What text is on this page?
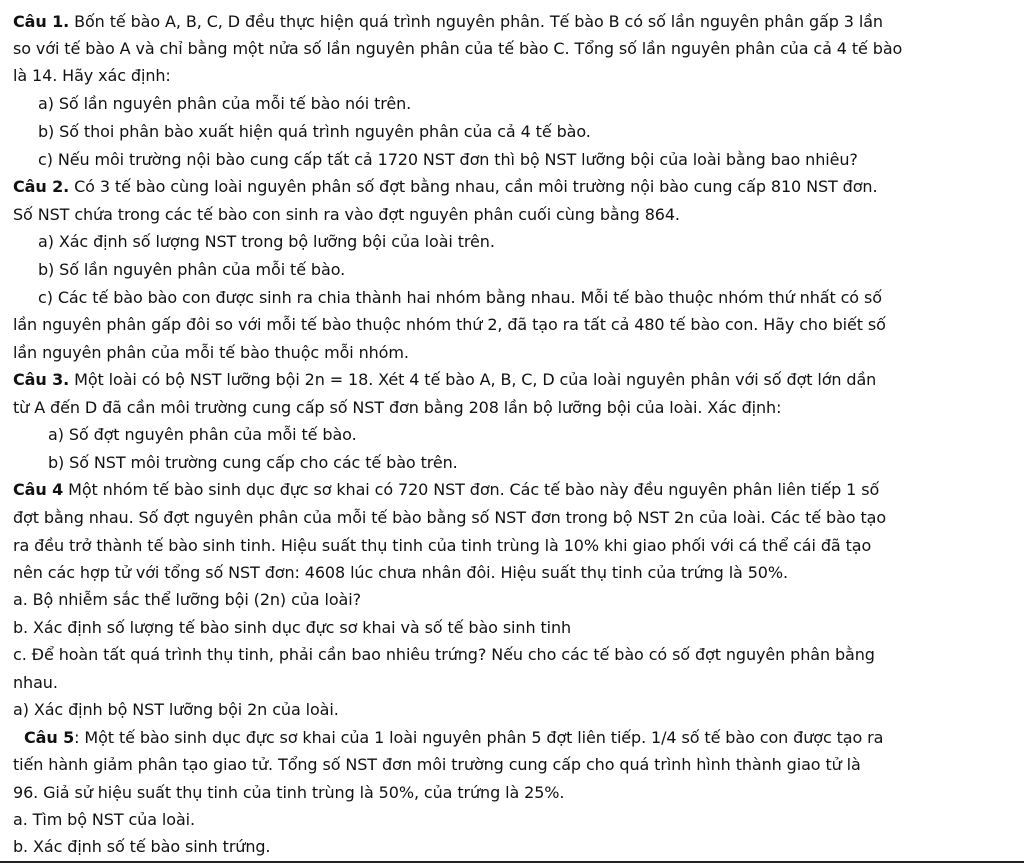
Câu 1. Bốn tế bào A, B, C, D đều thực hiện quá trình nguyên phân. Tế bào B có số lần nguyên phân gấp 3 lần
so với tế bào A và chỉ bằng một nửa số lần nguyên phân của tế bào C. Tổng số lần nguyên phân của cả 4 tế bào
là 14. Hãy xác định:
a) Số lần nguyên phân của mỗi tế bào nói trên.
b) Số thoi phân bào xuất hiện quá trình nguyên phân của cả 4 tế bào.
c) Nếu môi trường nội bào cung cấp tất cả 1720 NST đơn thì bộ NST lưỡng bội của loài bằng bao nhiêu?
Câu 2. Có 3 tế bào cùng loài nguyên phân số đợt bằng nhau, cần môi trường nội bào cung cấp 810 NST đơn.
Số NST chứa trong các tế bào con sinh ra vào đợt nguyên phân cuối cùng bằng 864.
a) Xác định số lượng NST trong bộ lưỡng bội của loài trên.
b) Số lần nguyên phân của mỗi tế bào.
c) Các tế bào bào con được sinh ra chia thành hai nhóm bằng nhau. Mỗi tế bào thuộc nhóm thứ nhất có số
lần nguyên phân gấp đôi so với mỗi tế bào thuộc nhóm thứ 2, đã tạo ra tất cả 480 tế bào con. Hãy cho biết số
lần nguyên phân của mỗi tế bào thuộc mỗi nhóm.
Câu 3. Một loài có bộ NST lưỡng bội 2n = 18. Xét 4 tế bào A, B, C, D của loài nguyên phân với số đợt lớn dần
từ A đến D đã cần môi trường cung cấp số NST đơn bằng 208 lần bộ lưỡng bội của loài. Xác định:
a) Số đợt nguyên phân của mỗi tế bào.
b) Số NST môi trường cung cấp cho các tế bào trên.
Câu 4 Một nhóm tế bào sinh dục đực sơ khai có 720 NST đơn. Các tế bào này đều nguyên phân liên tiếp 1 số
đợt bằng nhau. Số đợt nguyên phân của mỗi tế bào bằng số NST đơn trong bộ NST 2n của loài. Các tế bào tạo
ra đều trở thành tế bào sinh tinh. Hiệu suất thụ tinh của tinh trùng là 10% khi giao phối với cá thể cái đã tạo
nên các hợp tử với tổng số NST đơn: 4608 lúc chưa nhân đôi. Hiệu suất thụ tinh của trứng là 50%.
a. Bộ nhiễm sắc thể lưỡng bội (2n) của loài?
b. Xác định số lượng tế bào sinh dục đực sơ khai và số tế bào sinh tinh
c. Để hoàn tất quá trình thụ tinh, phải cần bao nhiêu trứng? Nếu cho các tế bào có số đợt nguyên phân bằng
nhau.
a) Xác định bộ NST lưỡng bội 2n của loài.
Câu 5: Một tế bào sinh dục đực sơ khai của 1 loài nguyên phân 5 đợt liên tiếp. 1/4 số tế bào con được tạo ra
tiến hành giảm phân tạo giao tử. Tổng số NST đơn môi trường cung cấp cho quá trình hình thành giao tử là
96. Giả sử hiệu suất thụ tinh của tinh trùng là 50%, của trứng là 25%.
a. Tìm bộ NST của loài.
b. Xác định số tế bào sinh trứng.
